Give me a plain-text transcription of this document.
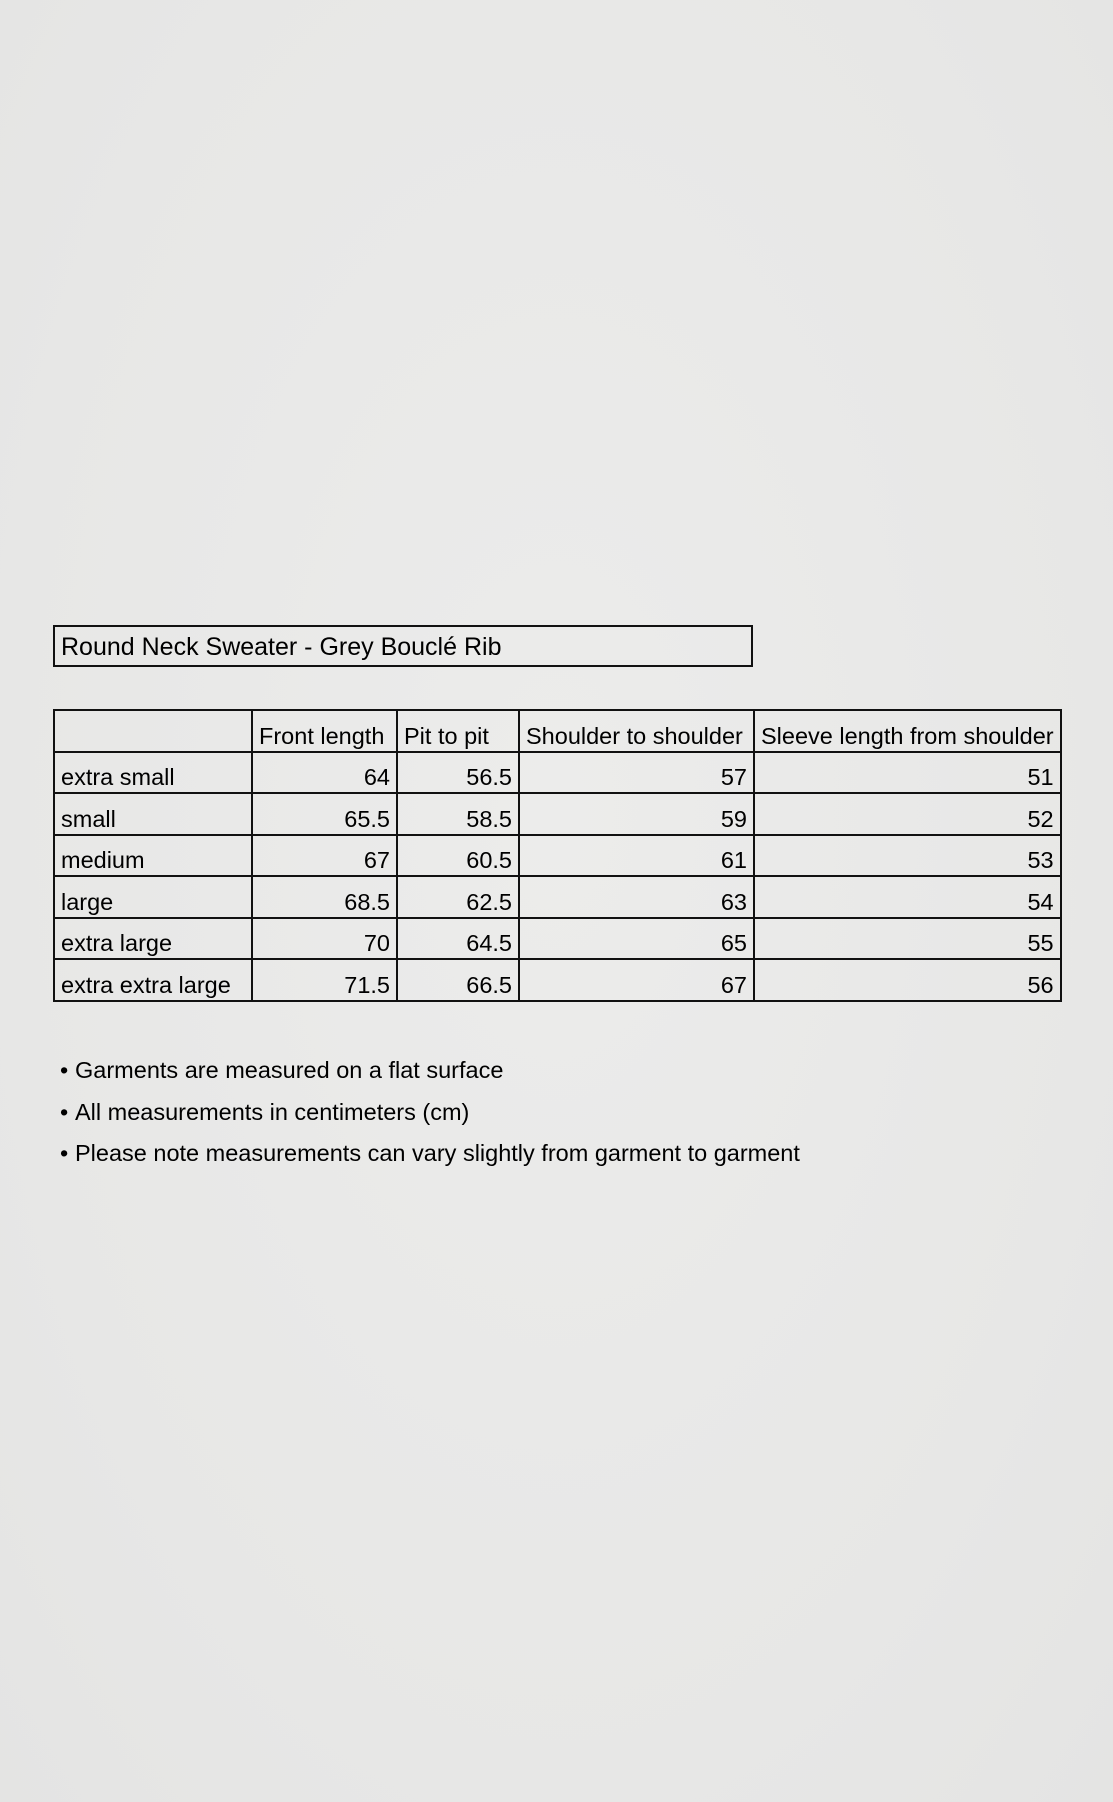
Round Neck Sweater - Grey Bouclé Rib
	Front length	Pit to pit	Shoulder to shoulder	Sleeve length from shoulder
extra small	64	56.5	57	51
small	65.5	58.5	59	52
medium	67	60.5	61	53
large	68.5	62.5	63	54
extra large	70	64.5	65	55
extra extra large	71.5	66.5	67	56
• Garments are measured on a flat surface
• All measurements in centimeters (cm)
• Please note measurements can vary slightly from garment to garment
